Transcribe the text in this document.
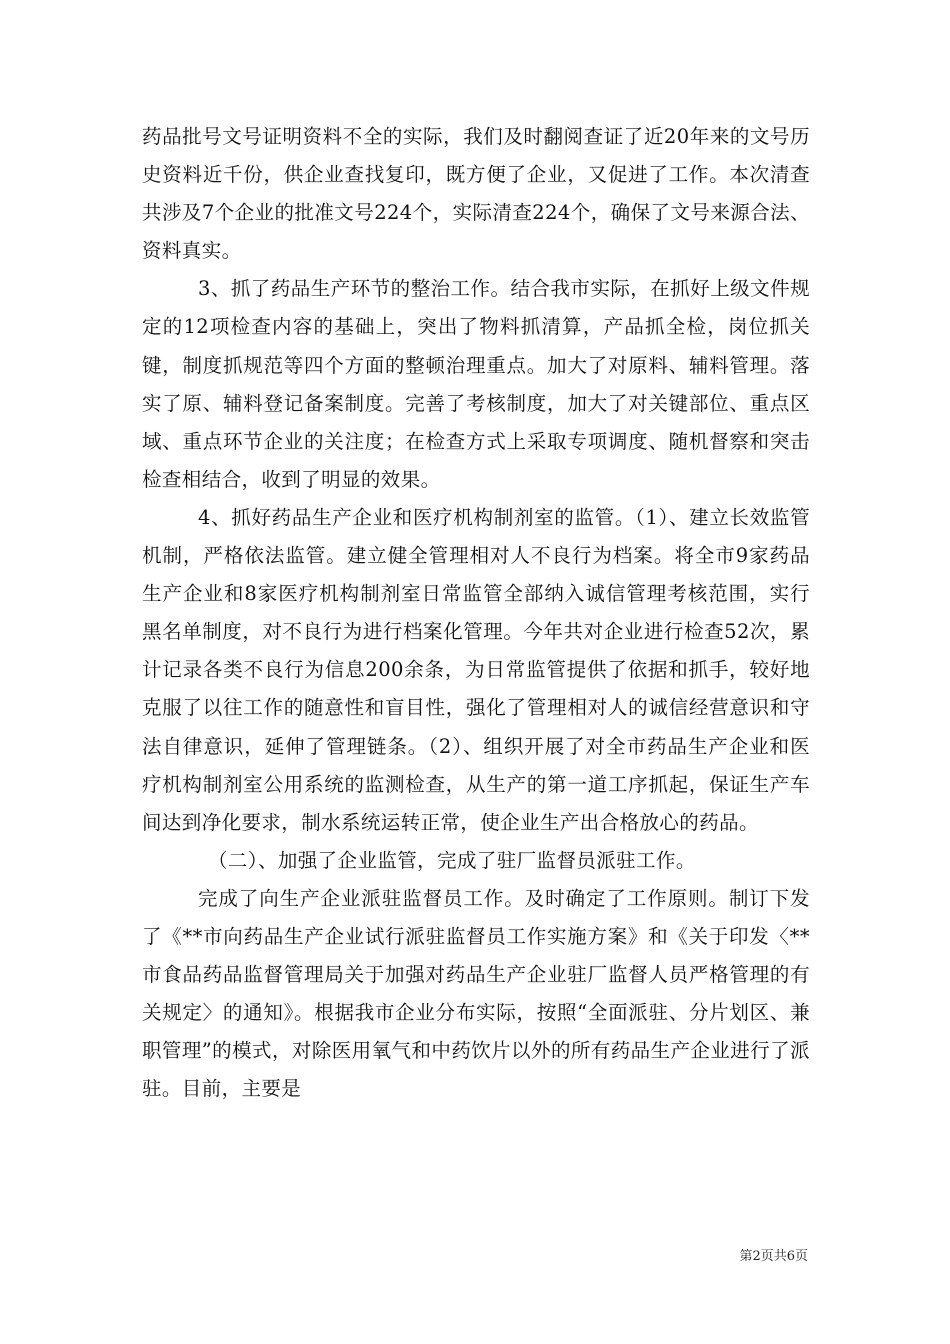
药品批号文号证明资料不全的实际，我们及时翻阅查证了近20年来的文号历史资料近千份，供企业查找复印，既方便了企业，又促进了工作。本次清查共涉及7个企业的批准文号224个，实际清查224个，确保了文号来源合法、资料真实。

3、抓了药品生产环节的整治工作。结合我市实际，在抓好上级文件规定的12项检查内容的基础上，突出了物料抓清算，产品抓全检，岗位抓关键，制度抓规范等四个方面的整顿治理重点。加大了对原料、辅料管理。落实了原、辅料登记备案制度。完善了考核制度，加大了对关键部位、重点区域、重点环节企业的关注度；在检查方式上采取专项调度、随机督察和突击检查相结合，收到了明显的效果。

4、抓好药品生产企业和医疗机构制剂室的监管。（1）、建立长效监管机制，严格依法监管。建立健全管理相对人不良行为档案。将全市9家药品生产企业和8家医疗机构制剂室日常监管全部纳入诚信管理考核范围，实行黑名单制度，对不良行为进行档案化管理。今年共对企业进行检查52次，累计记录各类不良行为信息200余条，为日常监管提供了依据和抓手，较好地克服了以往工作的随意性和盲目性，强化了管理相对人的诚信经营意识和守法自律意识，延伸了管理链条。（2）、组织开展了对全市药品生产企业和医疗机构制剂室公用系统的监测检查，从生产的第一道工序抓起，保证生产车间达到净化要求，制水系统运转正常，使企业生产出合格放心的药品。

（二）、加强了企业监管，完成了驻厂监督员派驻工作。

完成了向生产企业派驻监督员工作。及时确定了工作原则。制订下发了《**市向药品生产企业试行派驻监督员工作实施方案》和《关于印发〈**市食品药品监督管理局关于加强对药品生产企业驻厂监督人员严格管理的有关规定〉的通知》。根据我市企业分布实际，按照“全面派驻、分片划区、兼职管理”的模式，对除医用氧气和中药饮片以外的所有药品生产企业进行了派驻。目前，主要是

第2页共6页
